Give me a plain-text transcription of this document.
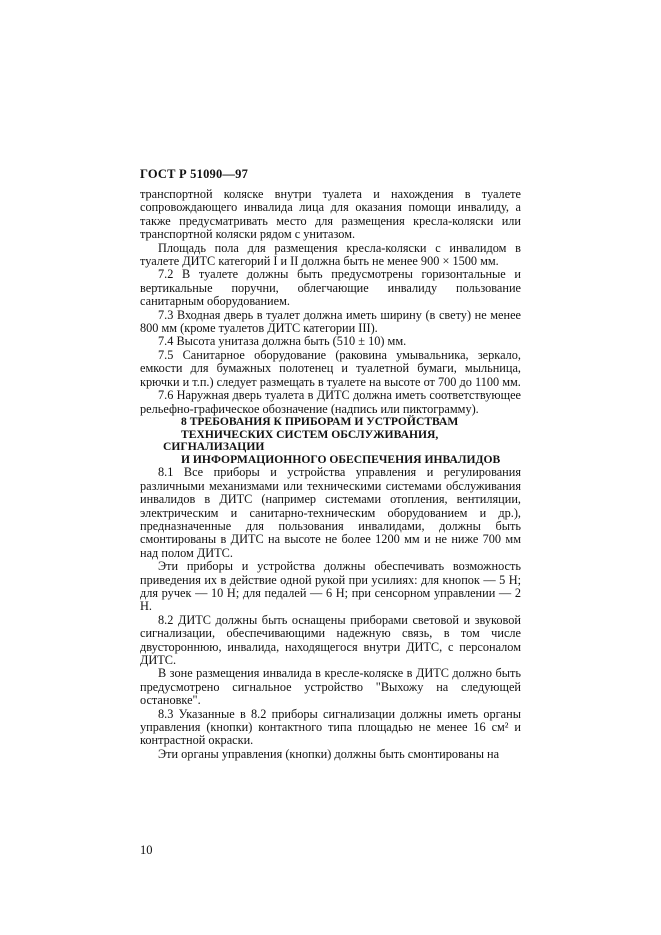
ГОСТ Р 51090—97

транспортной коляске внутри туалета и нахождения в туалете сопровождающего инвалида лица для оказания помощи инвалиду, а также предусматривать место для размещения кресла-коляски или транспортной коляски рядом с унитазом.

Площадь пола для размещения кресла-коляски с инвалидом в туалете ДИТС категорий I и II должна быть не менее 900 × 1500 мм.

7.2 В туалете должны быть предусмотрены горизонтальные и вертикальные поручни, облегчающие инвалиду пользование санитарным оборудованием.

7.3 Входная дверь в туалет должна иметь ширину (в свету) не менее 800 мм (кроме туалетов ДИТС категории III).

7.4 Высота унитаза должна быть (510 ± 10) мм.

7.5 Санитарное оборудование (раковина умывальника, зеркало, емкости для бумажных полотенец и туалетной бумаги, мыльница, крючки и т.п.) следует размещать в туалете на высоте от 700 до 1100 мм.

7.6 Наружная дверь туалета в ДИТС должна иметь соответствующее рельефно-графическое обозначение (надпись или пиктограмму).

8 ТРЕБОВАНИЯ К ПРИБОРАМ И УСТРОЙСТВАМ
ТЕХНИЧЕСКИХ СИСТЕМ ОБСЛУЖИВАНИЯ, СИГНАЛИЗАЦИИ
И ИНФОРМАЦИОННОГО ОБЕСПЕЧЕНИЯ ИНВАЛИДОВ

8.1 Все приборы и устройства управления и регулирования различными механизмами или техническими системами обслуживания инвалидов в ДИТС (например системами отопления, вентиляции, электрическим и санитарно-техническим оборудованием и др.), предназначенные для пользования инвалидами, должны быть смонтированы в ДИТС на высоте не более 1200 мм и не ниже 700 мм над полом ДИТС.

Эти приборы и устройства должны обеспечивать возможность приведения их в действие одной рукой при усилиях: для кнопок — 5 Н; для ручек — 10 Н; для педалей — 6 Н; при сенсорном управлении — 2 Н.

8.2 ДИТС должны быть оснащены приборами световой и звуковой сигнализации, обеспечивающими надежную связь, в том числе двустороннюю, инвалида, находящегося внутри ДИТС, с персоналом ДИТС.

В зоне размещения инвалида в кресле-коляске в ДИТС должно быть предусмотрено сигнальное устройство "Выхожу на следующей остановке".

8.3 Указанные в 8.2 приборы сигнализации должны иметь органы управления (кнопки) контактного типа площадью не менее 16 см² и контрастной окраски.

Эти органы управления (кнопки) должны быть смонтированы на

10
